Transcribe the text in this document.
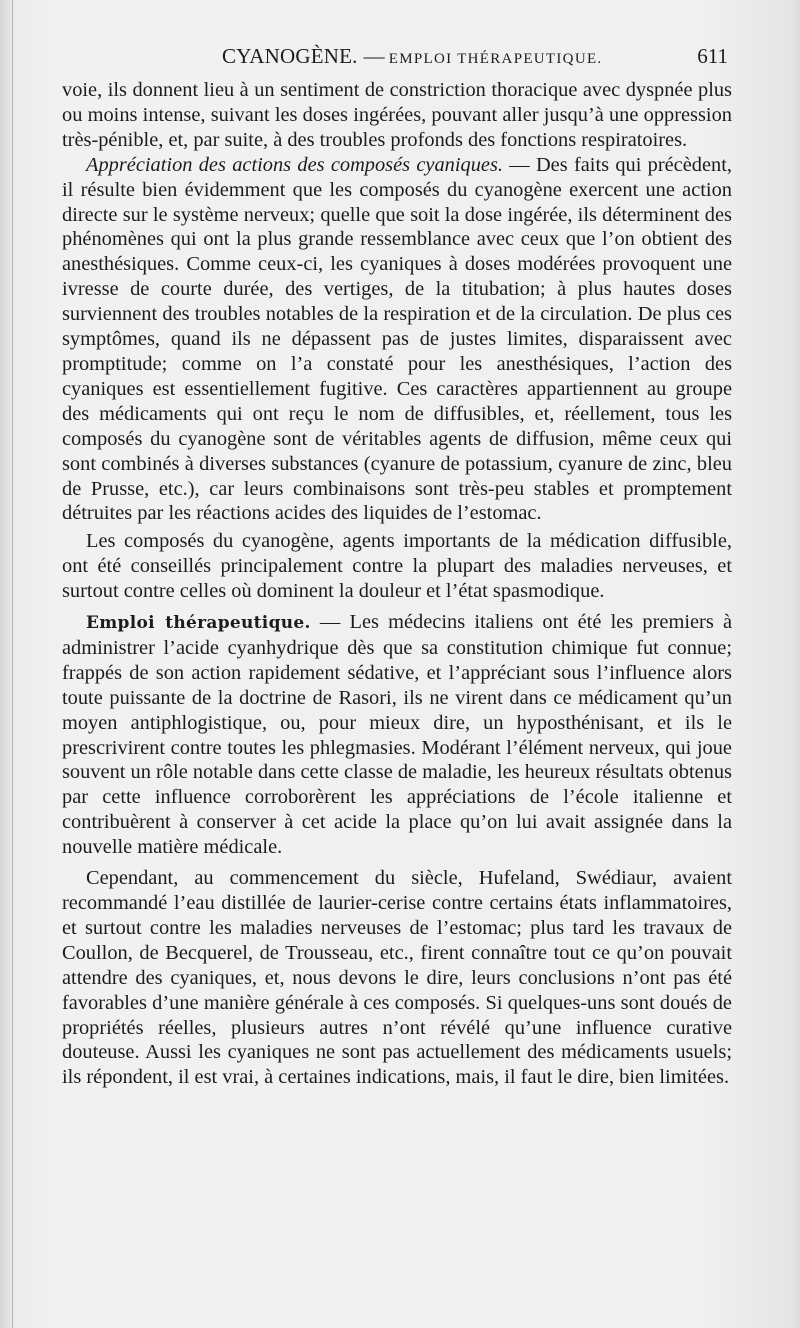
CYANOGÈNE. — EMPLOI THÉRAPEUTIQUE.	611

voie, ils donnent lieu à un sentiment de constriction thoracique avec dyspnée plus ou moins intense, suivant les doses ingérées, pouvant aller jusqu’à une oppression très-pénible, et, par suite, à des troubles profonds des fonctions respiratoires.

Appréciation des actions des composés cyaniques. — Des faits qui précèdent, il résulte bien évidemment que les composés du cyanogène exercent une action directe sur le système nerveux; quelle que soit la dose ingérée, ils déterminent des phénomènes qui ont la plus grande ressemblance avec ceux que l’on obtient des anesthésiques. Comme ceux-ci, les cyaniques à doses modérées provoquent une ivresse de courte durée, des vertiges, de la titubation; à plus hautes doses surviennent des troubles notables de la respiration et de la circulation. De plus ces symptômes, quand ils ne dépassent pas de justes limites, disparaissent avec promptitude; comme on l’a constaté pour les anesthésiques, l’action des cyaniques est essentiellement fugitive. Ces caractères appartiennent au groupe des médicaments qui ont reçu le nom de diffusibles, et, réellement, tous les composés du cyanogène sont de véritables agents de diffusion, même ceux qui sont combinés à diverses substances (cyanure de potassium, cyanure de zinc, bleu de Prusse, etc.), car leurs combinaisons sont très-peu stables et promptement détruites par les réactions acides des liquides de l’estomac.

Les composés du cyanogène, agents importants de la médication diffusible, ont été conseillés principalement contre la plupart des maladies nerveuses, et surtout contre celles où dominent la douleur et l’état spasmodique.

Emploi thérapeutique. — Les médecins italiens ont été les premiers à administrer l’acide cyanhydrique dès que sa constitution chimique fut connue; frappés de son action rapidement sédative, et l’appréciant sous l’influence alors toute puissante de la doctrine de Rasori, ils ne virent dans ce médicament qu’un moyen antiphlogistique, ou, pour mieux dire, un hyposthénisant, et ils le prescrivirent contre toutes les phlegmasies. Modérant l’élément nerveux, qui joue souvent un rôle notable dans cette classe de maladie, les heureux résultats obtenus par cette influence corroborèrent les appréciations de l’école italienne et contribuèrent à conserver à cet acide la place qu’on lui avait assignée dans la nouvelle matière médicale.

Cependant, au commencement du siècle, Hufeland, Swédiaur, avaient recommandé l’eau distillée de laurier-cerise contre certains états inflammatoires, et surtout contre les maladies nerveuses de l’estomac; plus tard les travaux de Coullon, de Becquerel, de Trousseau, etc., firent connaître tout ce qu’on pouvait attendre des cyaniques, et, nous devons le dire, leurs conclusions n’ont pas été favorables d’une manière générale à ces composés. Si quelques-uns sont doués de propriétés réelles, plusieurs autres n’ont révélé qu’une influence curative douteuse. Aussi les cyaniques ne sont pas actuellement des médicaments usuels; ils répondent, il est vrai, à certaines indications, mais, il faut le dire, bien limitées.
